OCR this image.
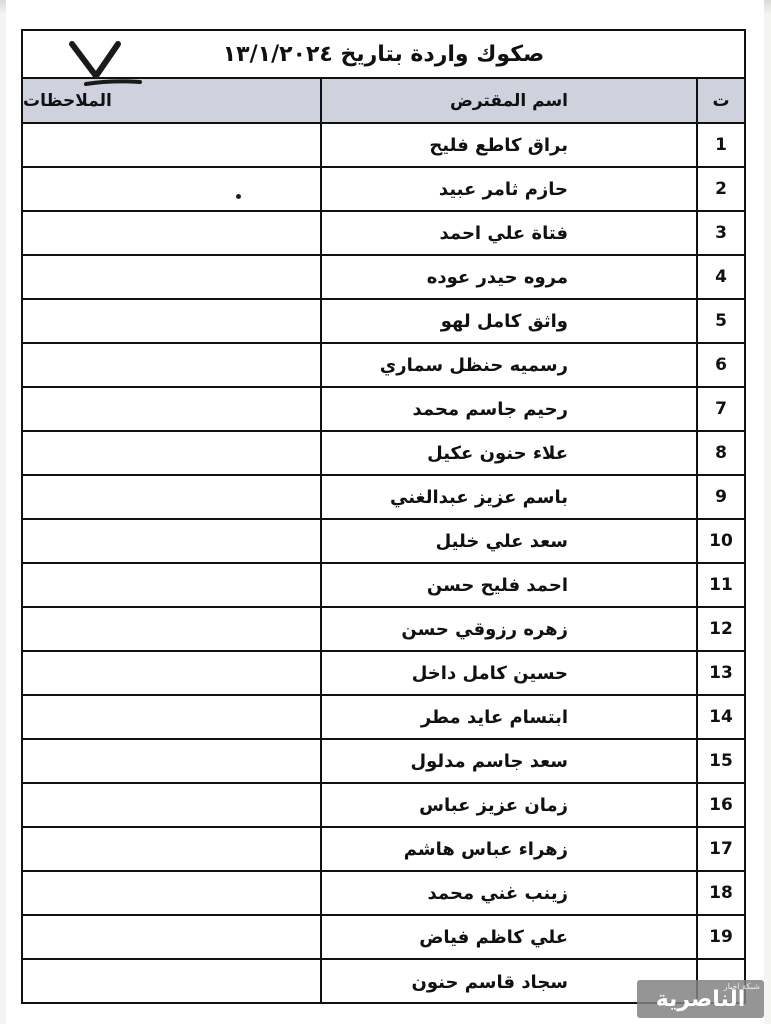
صكوك واردة بتاريخ ١٣/١/٢٠٢٤
ت
اسم المقترض
الملاحظات
1
براق كاطع فليح
2
حازم ثامر عبيد
3
فتاة علي احمد
4
مروه حيدر عوده
5
واثق كامل لهو
6
رسميه حنظل سماري
7
رحيم جاسم محمد
8
علاء حنون عكيل
9
باسم عزيز عبدالغني
10
سعد علي خليل
11
احمد فليح حسن
12
زهره رزوقي حسن
13
حسين كامل داخل
14
ابتسام عايد مطر
15
سعد جاسم مدلول
16
زمان عزيز عباس
17
زهراء عباس هاشم
18
زينب غني محمد
19
علي كاظم فياض
سجاد قاسم حنون	شبكة اخبار
الناصرية
